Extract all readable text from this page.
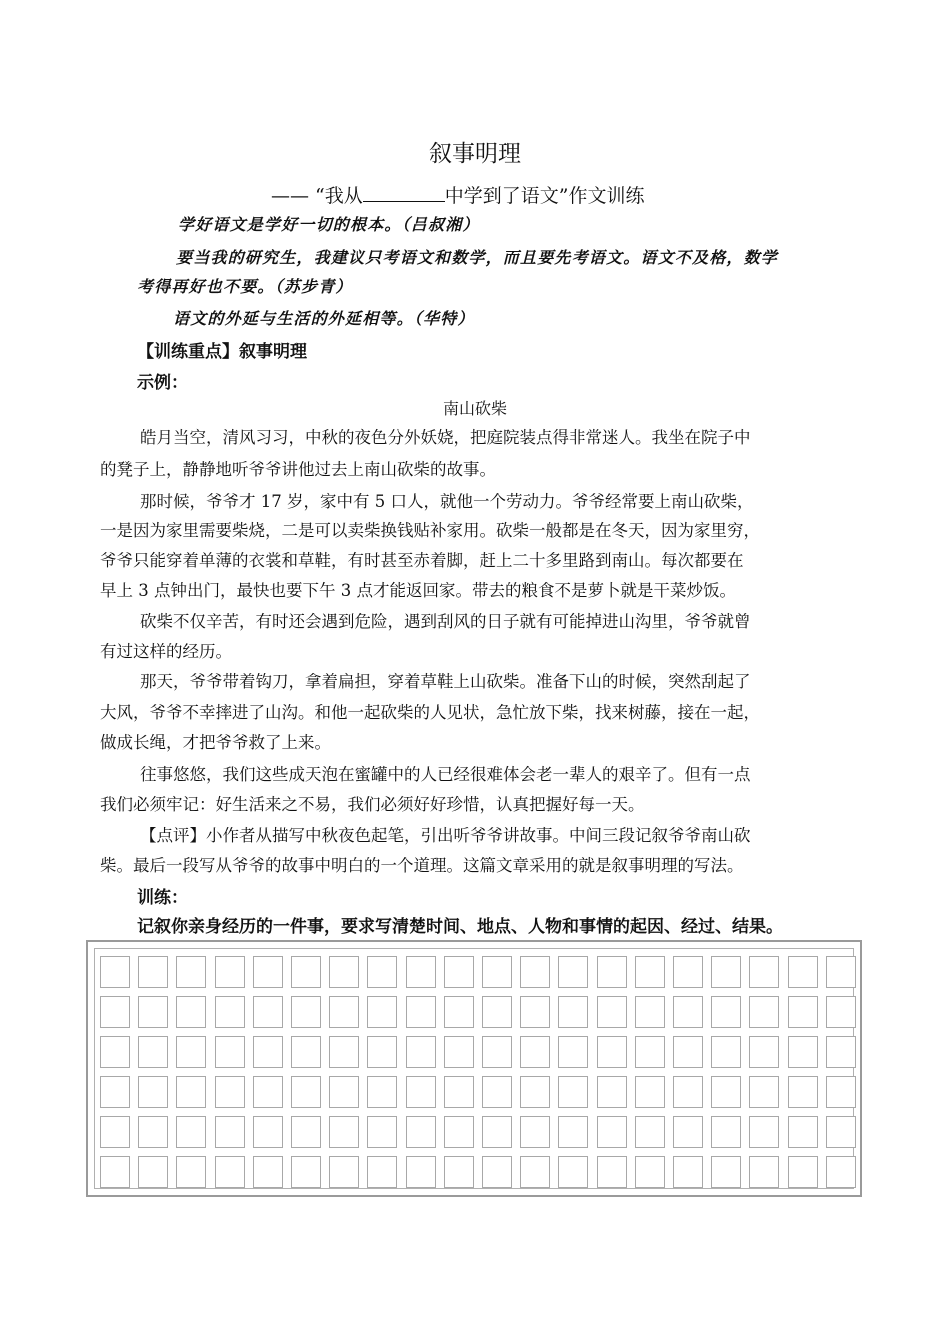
叙事明理
—— “我从	中学到了语文”作文训练
学好语文是学好一切的根本。（吕叔湘）
要当我的研究生，我建议只考语文和数学，而且要先考语文。语文不及格，数学
考得再好也不要。（苏步青）
语文的外延与生活的外延相等。（华特）
【训练重点】叙事明理
示例：
南山砍柴
皓月当空，清风习习，中秋的夜色分外妖娆，把庭院装点得非常迷人。我坐在院子中
的凳子上，静静地听爷爷讲他过去上南山砍柴的故事。
那时候，爷爷才 17 岁，家中有 5 口人，就他一个劳动力。爷爷经常要上南山砍柴，
一是因为家里需要柴烧，二是可以卖柴换钱贴补家用。砍柴一般都是在冬天，因为家里穷，
爷爷只能穿着单薄的衣裳和草鞋，有时甚至赤着脚，赶上二十多里路到南山。每次都要在
早上 3 点钟出门，最快也要下午 3 点才能返回家。带去的粮食不是萝卜就是干菜炒饭。
砍柴不仅辛苦，有时还会遇到危险，遇到刮风的日子就有可能掉进山沟里，爷爷就曾
有过这样的经历。
那天，爷爷带着钩刀，拿着扁担，穿着草鞋上山砍柴。准备下山的时候，突然刮起了
大风，爷爷不幸摔进了山沟。和他一起砍柴的人见状，急忙放下柴，找来树藤，接在一起，
做成长绳，才把爷爷救了上来。
往事悠悠，我们这些成天泡在蜜罐中的人已经很难体会老一辈人的艰辛了。但有一点
我们必须牢记：好生活来之不易，我们必须好好珍惜，认真把握好每一天。
【点评】小作者从描写中秋夜色起笔，引出听爷爷讲故事。中间三段记叙爷爷南山砍
柴。最后一段写从爷爷的故事中明白的一个道理。这篇文章采用的就是叙事明理的写法。
训练：
记叙你亲身经历的一件事，要求写清楚时间、地点、人物和事情的起因、经过、结果。
